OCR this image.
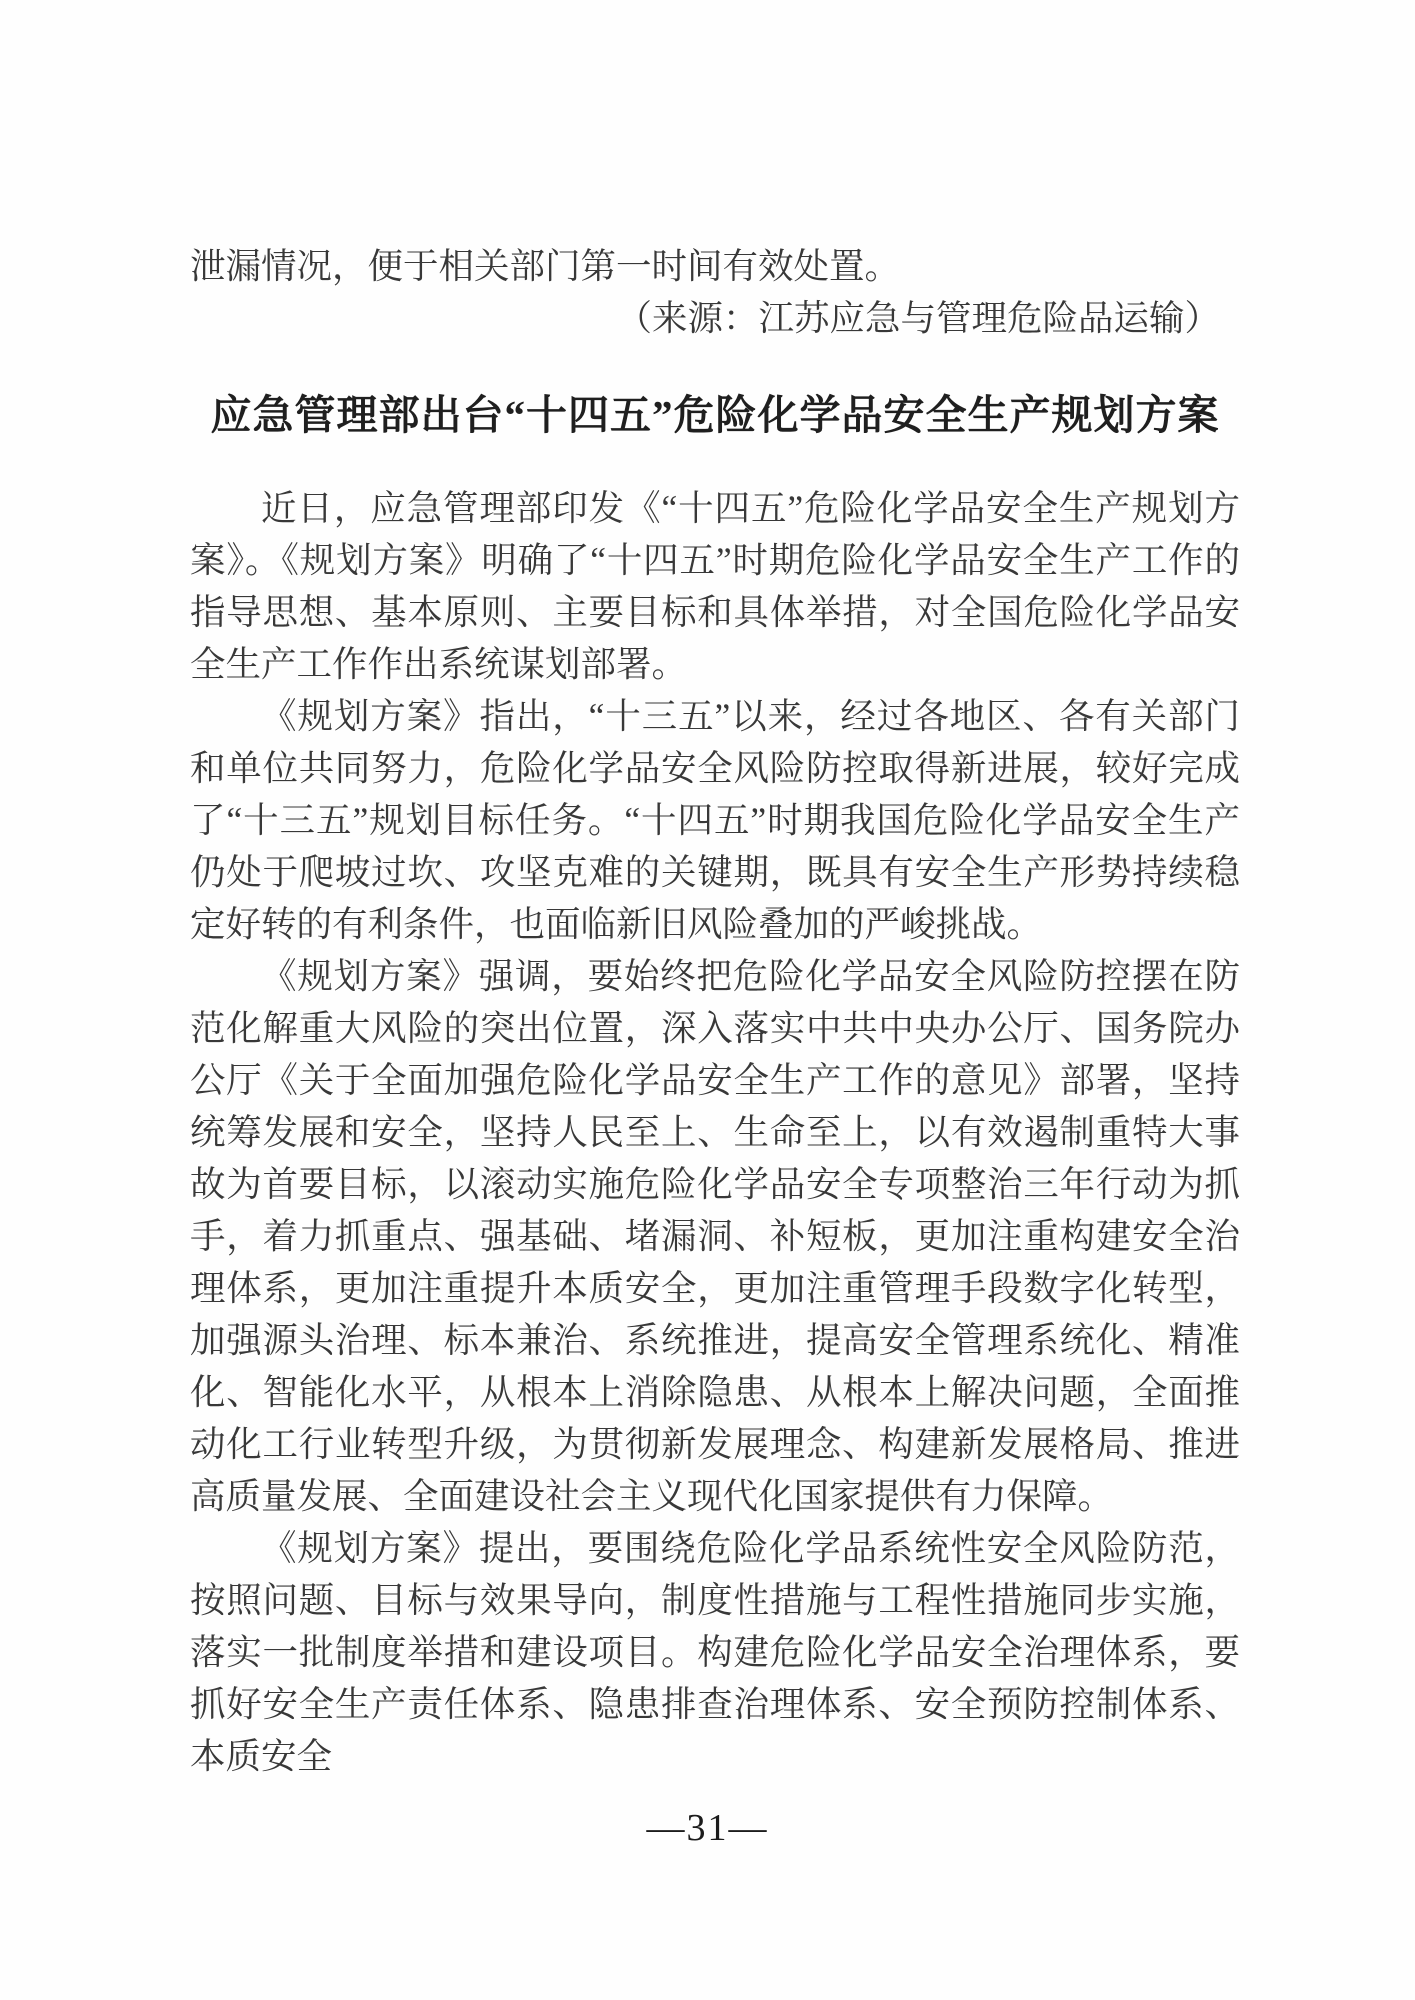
泄漏情况，便于相关部门第一时间有效处置。

（来源：江苏应急与管理危险品运输）

应急管理部出台“十四五”危险化学品安全生产规划方案

近日，应急管理部印发《“十四五”危险化学品安全生产规划方案》。《规划方案》明确了“十四五”时期危险化学品安全生产工作的指导思想、基本原则、主要目标和具体举措，对全国危险化学品安全生产工作作出系统谋划部署。

《规划方案》指出，“十三五”以来，经过各地区、各有关部门和单位共同努力，危险化学品安全风险防控取得新进展，较好完成了“十三五”规划目标任务。“十四五”时期我国危险化学品安全生产仍处于爬坡过坎、攻坚克难的关键期，既具有安全生产形势持续稳定好转的有利条件，也面临新旧风险叠加的严峻挑战。

《规划方案》强调，要始终把危险化学品安全风险防控摆在防范化解重大风险的突出位置，深入落实中共中央办公厅、国务院办公厅《关于全面加强危险化学品安全生产工作的意见》部署，坚持统筹发展和安全，坚持人民至上、生命至上，以有效遏制重特大事故为首要目标，以滚动实施危险化学品安全专项整治三年行动为抓手，着力抓重点、强基础、堵漏洞、补短板，更加注重构建安全治理体系，更加注重提升本质安全，更加注重管理手段数字化转型，加强源头治理、标本兼治、系统推进，提高安全管理系统化、精准化、智能化水平，从根本上消除隐患、从根本上解决问题，全面推动化工行业转型升级，为贯彻新发展理念、构建新发展格局、推进高质量发展、全面建设社会主义现代化国家提供有力保障。

《规划方案》提出，要围绕危险化学品系统性安全风险防范，按照问题、目标与效果导向，制度性措施与工程性措施同步实施，落实一批制度举措和建设项目。构建危险化学品安全治理体系，要抓好安全生产责任体系、隐患排查治理体系、安全预防控制体系、本质安全

—31—
